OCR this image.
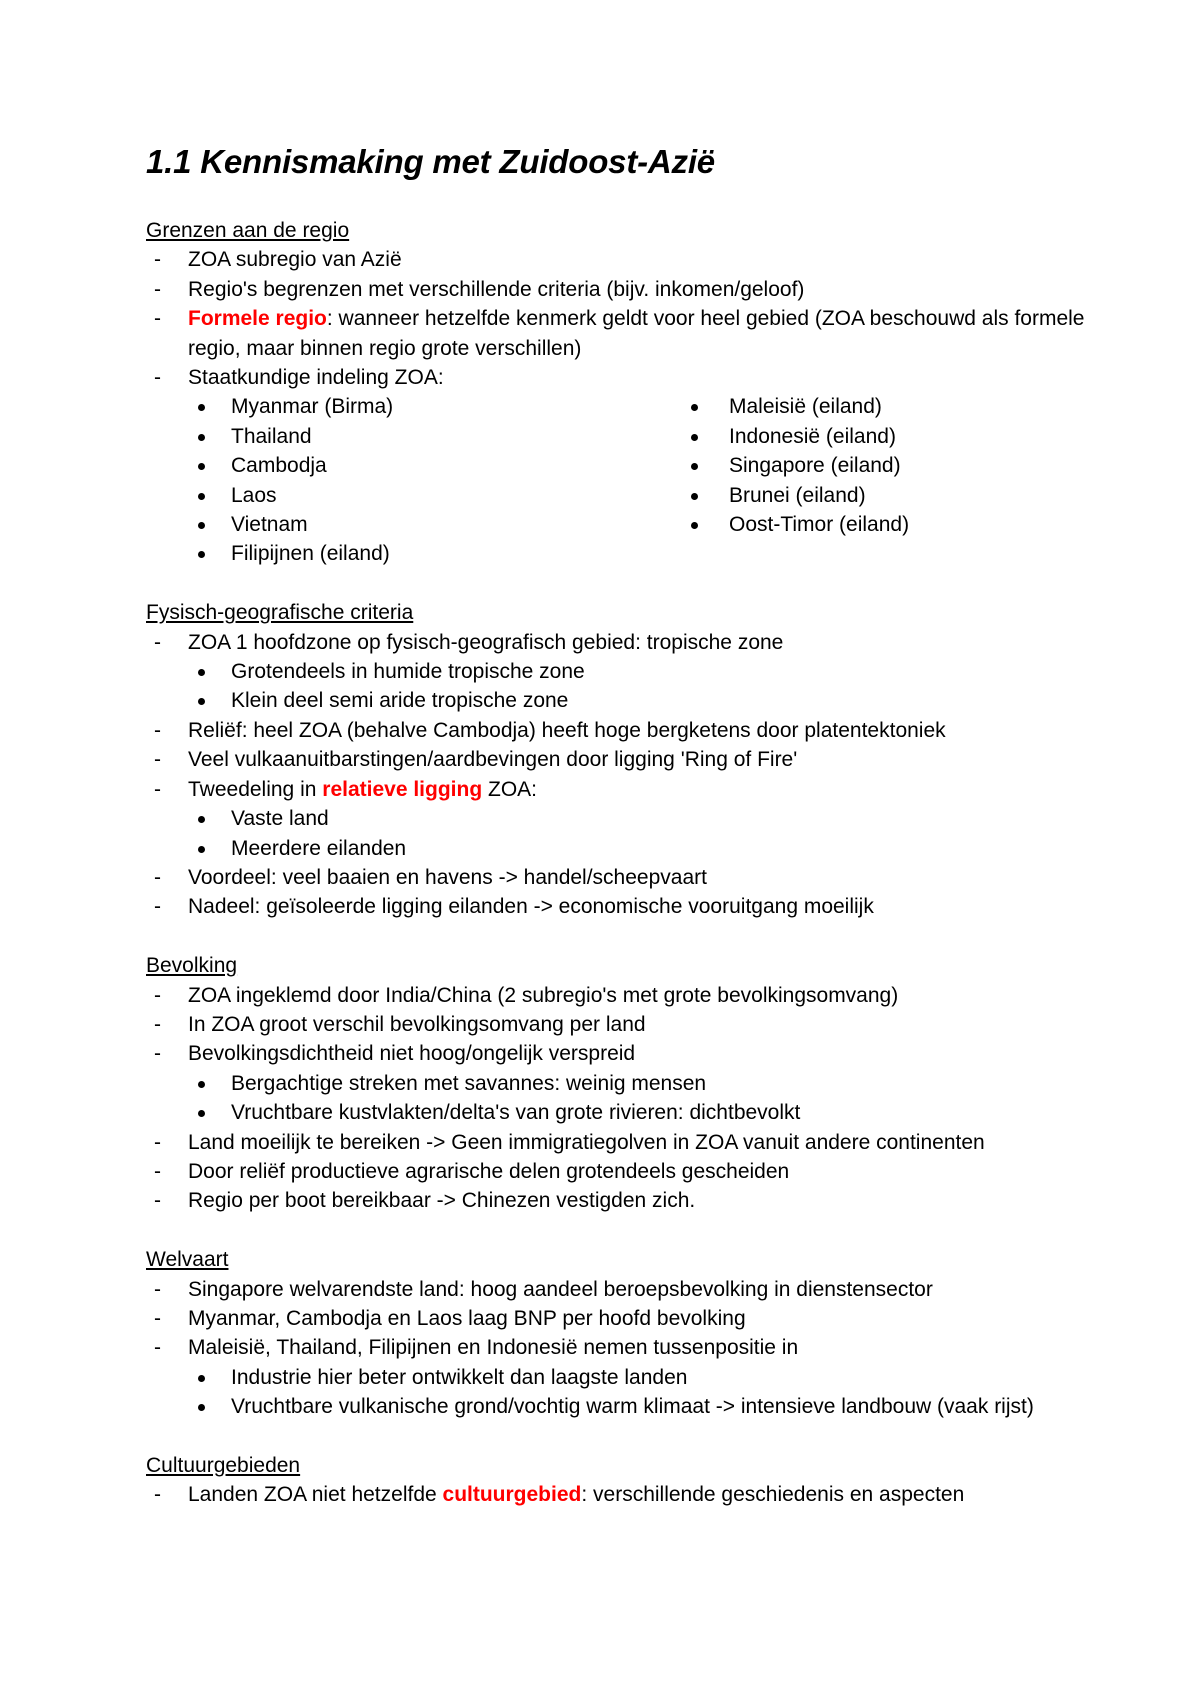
1.1 Kennismaking met Zuidoost-Azië
Grenzen aan de regio
- ZOA subregio van Azië
- Regio's begrenzen met verschillende criteria (bijv. inkomen/geloof)
- Formele regio: wanneer hetzelfde kenmerk geldt voor heel gebied (ZOA beschouwd als formele regio, maar binnen regio grote verschillen)
- Staatkundige indeling ZOA:
Myanmar (Birma)
Thailand
Cambodja
Laos
Vietnam
Filipijnen (eiland)
Maleisië (eiland)
Indonesië (eiland)
Singapore (eiland)
Brunei (eiland)
Oost-Timor (eiland)
Fysisch-geografische criteria
- ZOA 1 hoofdzone op fysisch-geografisch gebied: tropische zone
Grotendeels in humide tropische zone
Klein deel semi aride tropische zone
- Reliëf: heel ZOA (behalve Cambodja) heeft hoge bergketens door platentektoniek
- Veel vulkaanuitbarstingen/aardbevingen door ligging 'Ring of Fire'
- Tweedeling in relatieve ligging ZOA:
Vaste land
Meerdere eilanden
- Voordeel: veel baaien en havens -> handel/scheepvaart
- Nadeel: geïsoleerde ligging eilanden -> economische vooruitgang moeilijk
Bevolking
- ZOA ingeklemd door India/China (2 subregio's met grote bevolkingsomvang)
- In ZOA groot verschil bevolkingsomvang per land
- Bevolkingsdichtheid niet hoog/ongelijk verspreid
Bergachtige streken met savannes: weinig mensen
Vruchtbare kustvlakten/delta's van grote rivieren: dichtbevolkt
- Land moeilijk te bereiken -> Geen immigratiegolven in ZOA vanuit andere continenten
- Door reliëf productieve agrarische delen grotendeels gescheiden
- Regio per boot bereikbaar -> Chinezen vestigden zich.
Welvaart
- Singapore welvarendste land: hoog aandeel beroepsbevolking in dienstensector
- Myanmar, Cambodja en Laos laag BNP per hoofd bevolking
- Maleisië, Thailand, Filipijnen en Indonesië nemen tussenpositie in
Industrie hier beter ontwikkelt dan laagste landen
Vruchtbare vulkanische grond/vochtig warm klimaat -> intensieve landbouw (vaak rijst)
Cultuurgebieden
- Landen ZOA niet hetzelfde cultuurgebied: verschillende geschiedenis en aspecten
